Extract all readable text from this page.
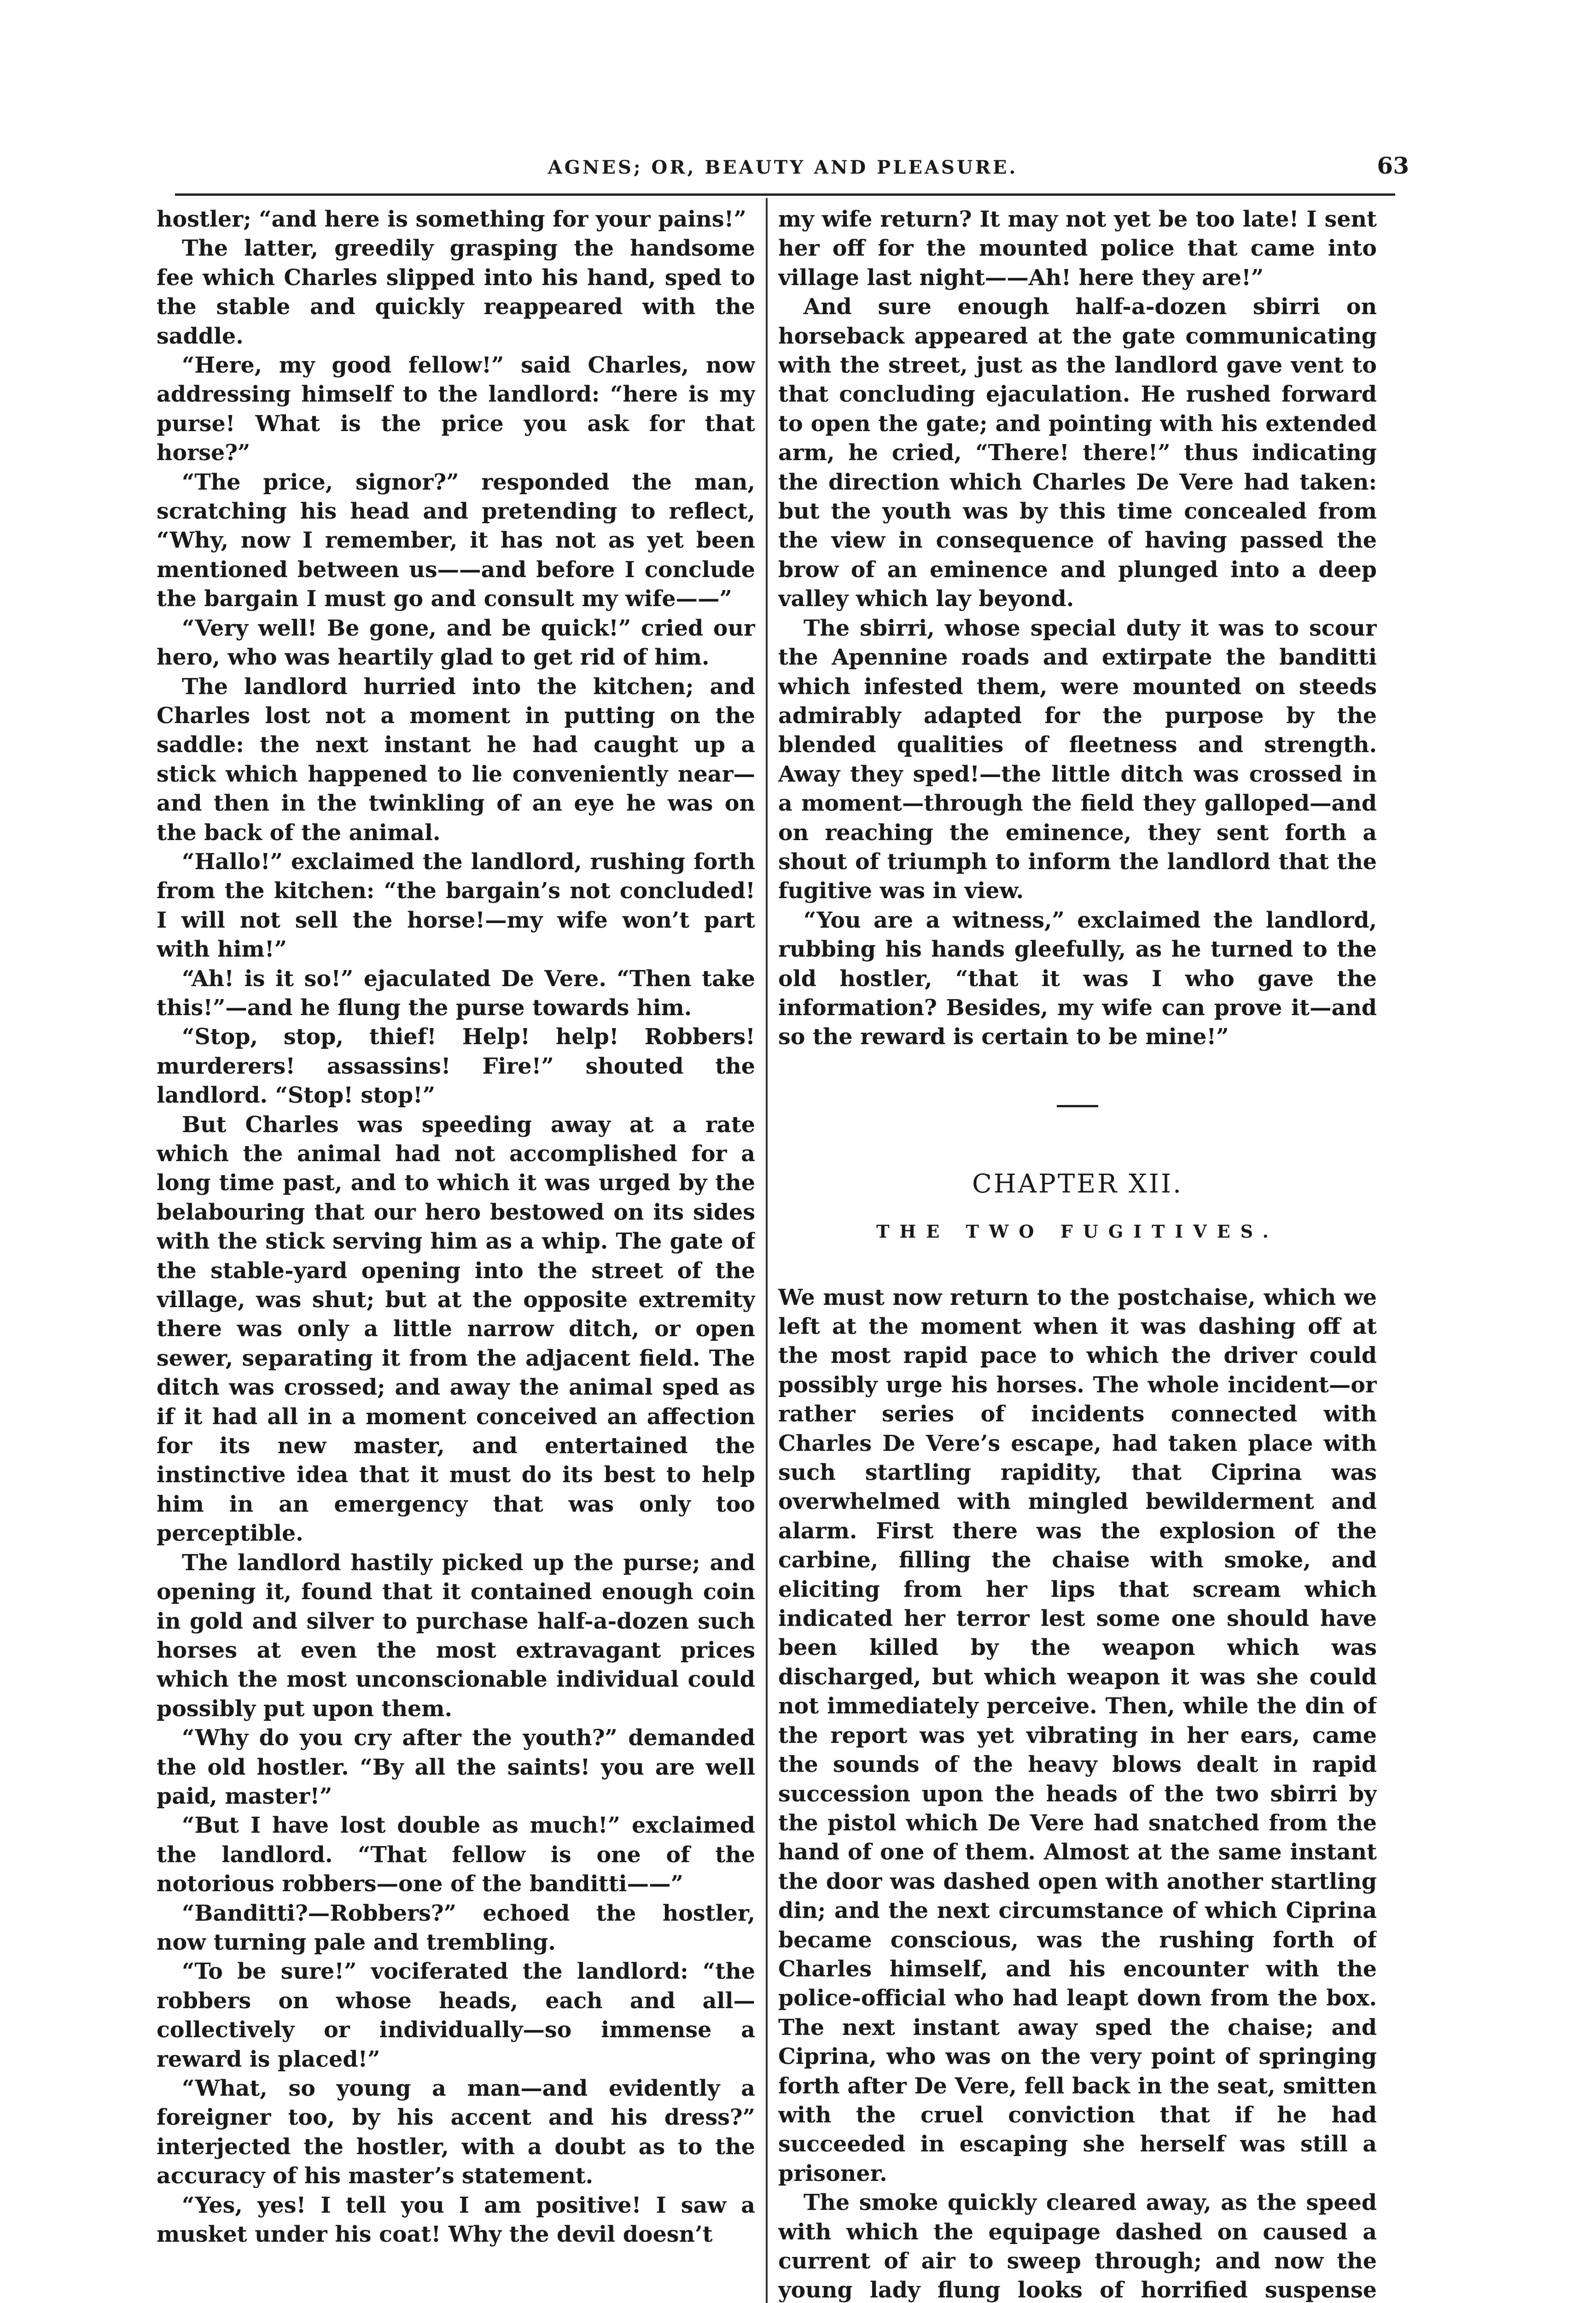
AGNES; OR, BEAUTY AND PLEASURE.	63

hostler; “and here is something for your pains!”

The latter, greedily grasping the handsome fee which Charles slipped into his hand, sped to the stable and quickly reappeared with the saddle.

“Here, my good fellow!” said Charles, now addressing himself to the landlord: “here is my purse! What is the price you ask for that horse?”

“The price, signor?” responded the man, scratching his head and pretending to reflect, “Why, now I remember, it has not as yet been mentioned between us——and before I conclude the bargain I must go and consult my wife——”

“Very well! Be gone, and be quick!” cried our hero, who was heartily glad to get rid of him.

The landlord hurried into the kitchen; and Charles lost not a moment in putting on the saddle: the next instant he had caught up a stick which happened to lie conveniently near—and then in the twinkling of an eye he was on the back of the animal.

“Hallo!” exclaimed the landlord, rushing forth from the kitchen: “the bargain’s not concluded! I will not sell the horse!—my wife won’t part with him!”

“Ah! is it so!” ejaculated De Vere. “Then take this!”—and he flung the purse towards him.

“Stop, stop, thief! Help! help! Robbers! murderers! assassins! Fire!” shouted the landlord. “Stop! stop!”

But Charles was speeding away at a rate which the animal had not accomplished for a long time past, and to which it was urged by the belabouring that our hero bestowed on its sides with the stick serving him as a whip. The gate of the stable-yard opening into the street of the village, was shut; but at the opposite extremity there was only a little narrow ditch, or open sewer, separating it from the adjacent field. The ditch was crossed; and away the animal sped as if it had all in a moment conceived an affection for its new master, and entertained the instinctive idea that it must do its best to help him in an emergency that was only too perceptible.

The landlord hastily picked up the purse; and opening it, found that it contained enough coin in gold and silver to purchase half-a-dozen such horses at even the most extravagant prices which the most unconscionable individual could possibly put upon them.

“Why do you cry after the youth?” demanded the old hostler. “By all the saints! you are well paid, master!”

“But I have lost double as much!” exclaimed the landlord. “That fellow is one of the notorious robbers—one of the banditti——”

“Banditti?—Robbers?” echoed the hostler, now turning pale and trembling.

“To be sure!” vociferated the landlord: “the robbers on whose heads, each and all—collectively or individually—so immense a reward is placed!”

“What, so young a man—and evidently a foreigner too, by his accent and his dress?” interjected the hostler, with a doubt as to the accuracy of his master’s statement.

“Yes, yes! I tell you I am positive! I saw a musket under his coat! Why the devil doesn’t

my wife return? It may not yet be too late! I sent her off for the mounted police that came into village last night——Ah! here they are!”

And sure enough half-a-dozen sbirri on horseback appeared at the gate communicating with the street, just as the landlord gave vent to that concluding ejaculation. He rushed forward to open the gate; and pointing with his extended arm, he cried, “There! there!” thus indicating the direction which Charles De Vere had taken: but the youth was by this time concealed from the view in consequence of having passed the brow of an eminence and plunged into a deep valley which lay beyond.

The sbirri, whose special duty it was to scour the Apennine roads and extirpate the banditti which infested them, were mounted on steeds admirably adapted for the purpose by the blended qualities of fleetness and strength. Away they sped!—the little ditch was crossed in a moment—through the field they galloped—and on reaching the eminence, they sent forth a shout of triumph to inform the landlord that the fugitive was in view.

“You are a witness,” exclaimed the landlord, rubbing his hands gleefully, as he turned to the old hostler, “that it was I who gave the information? Besides, my wife can prove it—and so the reward is certain to be mine!”

CHAPTER XII.
THE TWO FUGITIVES.

We must now return to the postchaise, which we left at the moment when it was dashing off at the most rapid pace to which the driver could possibly urge his horses. The whole incident—or rather series of incidents connected with Charles De Vere’s escape, had taken place with such startling rapidity, that Ciprina was overwhelmed with mingled bewilderment and alarm. First there was the explosion of the carbine, filling the chaise with smoke, and eliciting from her lips that scream which indicated her terror lest some one should have been killed by the weapon which was discharged, but which weapon it was she could not immediately perceive. Then, while the din of the report was yet vibrating in her ears, came the sounds of the heavy blows dealt in rapid succession upon the heads of the two sbirri by the pistol which De Vere had snatched from the hand of one of them. Almost at the same instant the door was dashed open with another startling din; and the next circumstance of which Ciprina became conscious, was the rushing forth of Charles himself, and his encounter with the police-official who had leapt down from the box. The next instant away sped the chaise; and Ciprina, who was on the very point of springing forth after De Vere, fell back in the seat, smitten with the cruel conviction that if he had succeeded in escaping she herself was still a prisoner.

The smoke quickly cleared away, as the speed with which the equipage dashed on caused a current of air to sweep through; and now the young lady flung looks of horrified suspense
